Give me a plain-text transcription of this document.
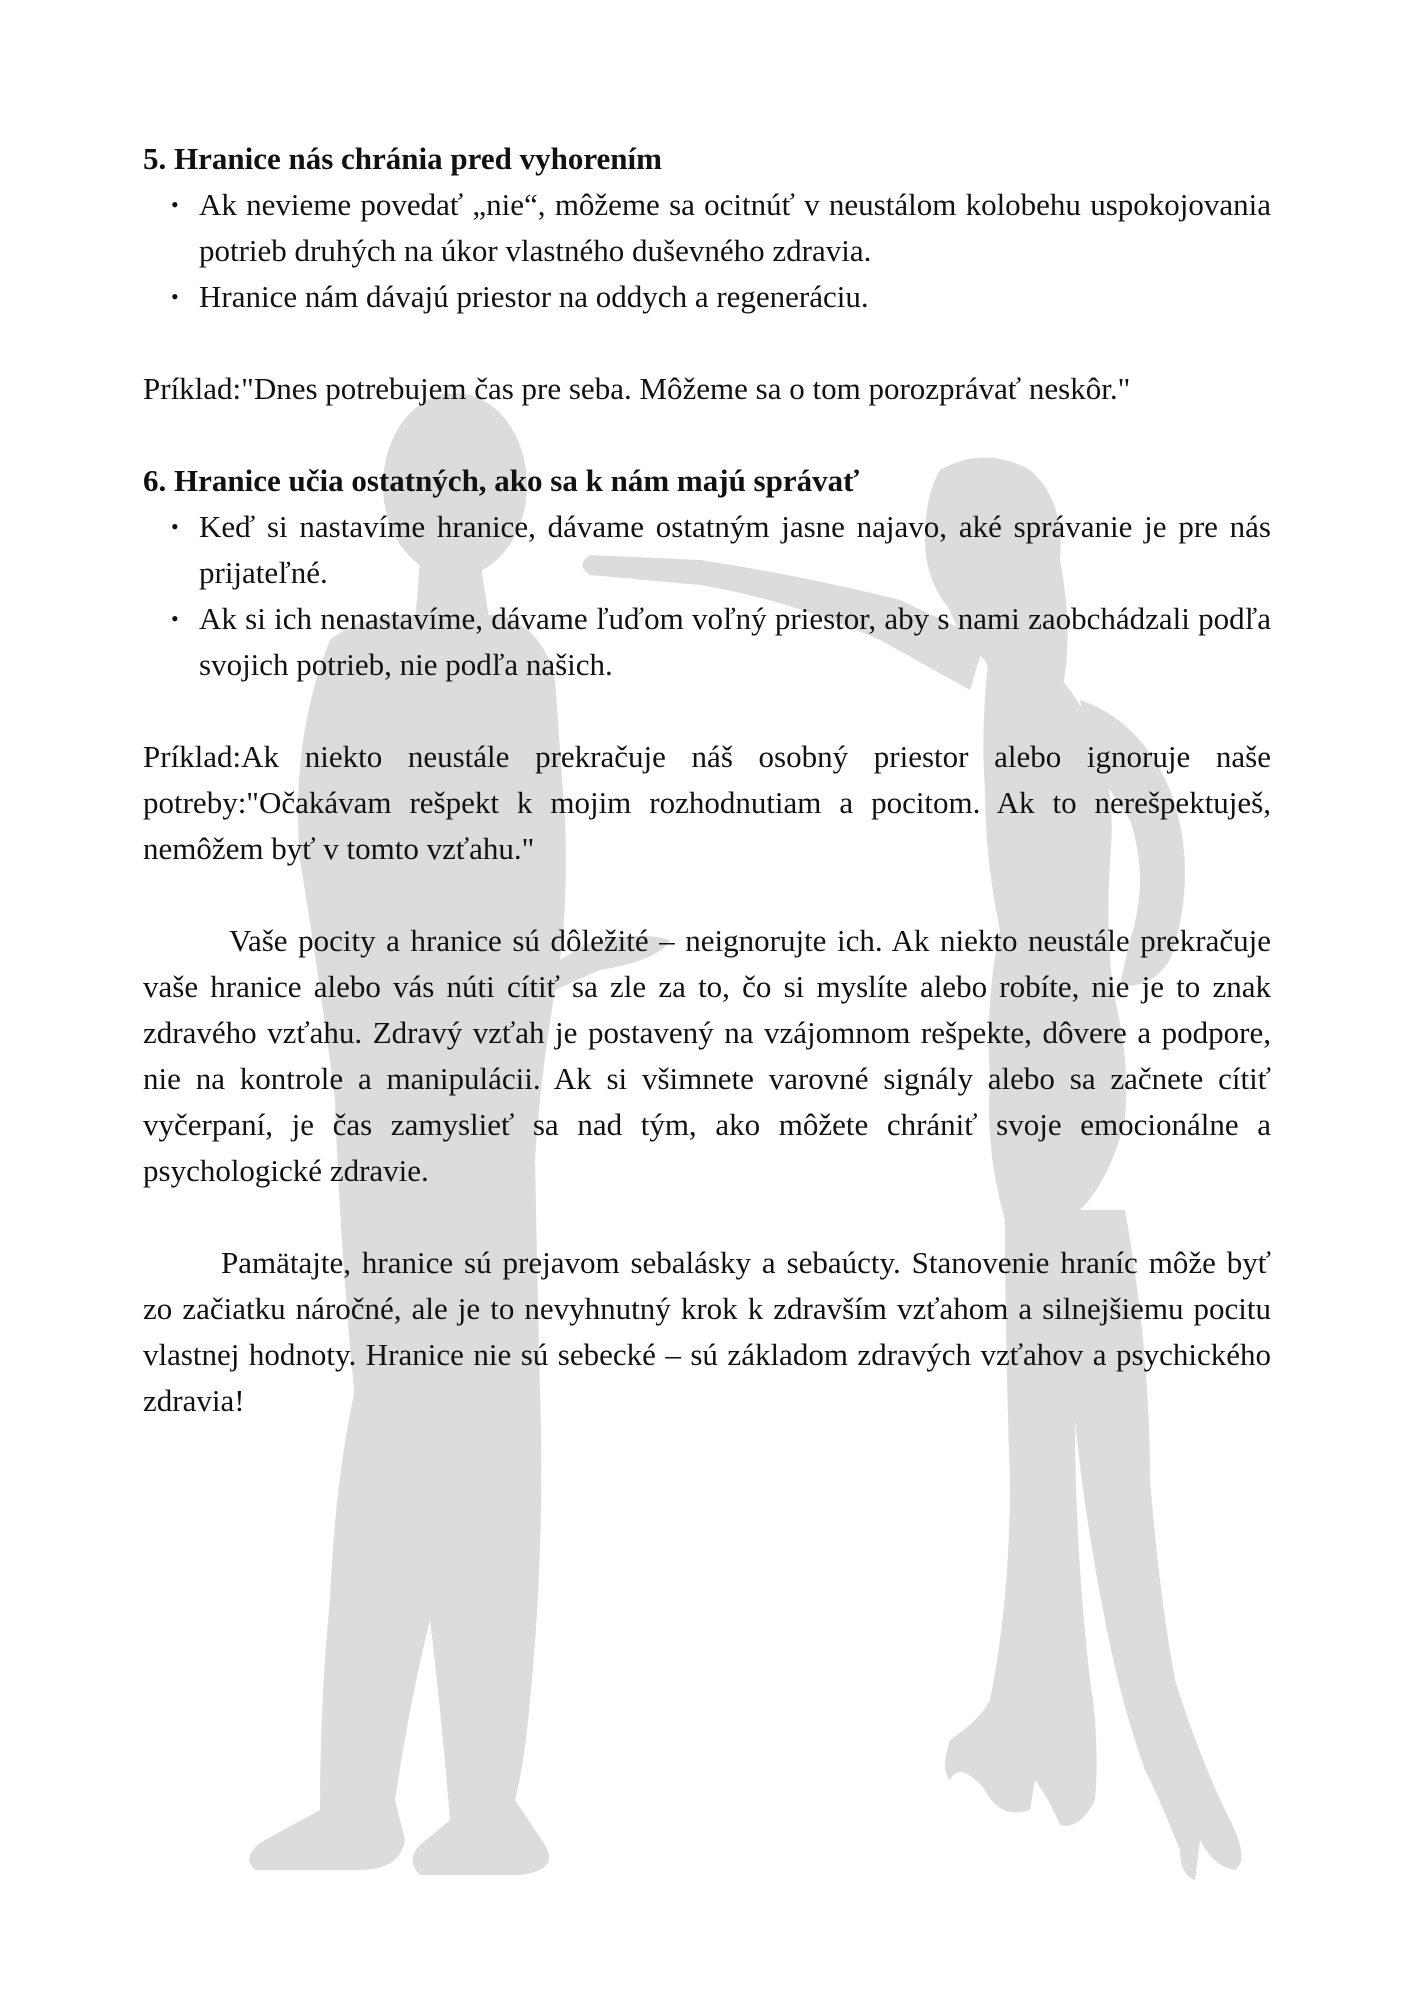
5. Hranice nás chránia pred vyhorením

• Ak nevieme povedať „nie“, môžeme sa ocitnúť v neustálom kolobehu uspokojovania potrieb druhých na úkor vlastného duševného zdravia.
• Hranice nám dávajú priestor na oddych a regeneráciu.

Príklad:"Dnes potrebujem čas pre seba. Môžeme sa o tom porozprávať neskôr."

6. Hranice učia ostatných, ako sa k nám majú správať

• Keď si nastavíme hranice, dávame ostatným jasne najavo, aké správanie je pre nás prijateľné.
• Ak si ich nenastavíme, dávame ľuďom voľný priestor, aby s nami zaobchádzali podľa svojich potrieb, nie podľa našich.

Príklad:Ak niekto neustále prekračuje náš osobný priestor alebo ignoruje naše potreby:"Očakávam rešpekt k mojim rozhodnutiam a pocitom. Ak to nerešpektuješ, nemôžem byť v tomto vzťahu."

Vaše pocity a hranice sú dôležité – neignorujte ich. Ak niekto neustále prekračuje vaše hranice alebo vás núti cítiť sa zle za to, čo si myslíte alebo robíte, nie je to znak zdravého vzťahu. Zdravý vzťah je postavený na vzájomnom rešpekte, dôvere a podpore, nie na kontrole a manipulácii. Ak si všimnete varovné signály alebo sa začnete cítiť vyčerpaní, je čas zamyslieť sa nad tým, ako môžete chrániť svoje emocionálne a psychologické zdravie.

Pamätajte, hranice sú prejavom sebalásky a sebaúcty. Stanovenie hraníc môže byť zo začiatku náročné, ale je to nevyhnutný krok k zdravším vzťahom a silnejšiemu pocitu vlastnej hodnoty. Hranice nie sú sebecké – sú základom zdravých vzťahov a psychického zdravia!
